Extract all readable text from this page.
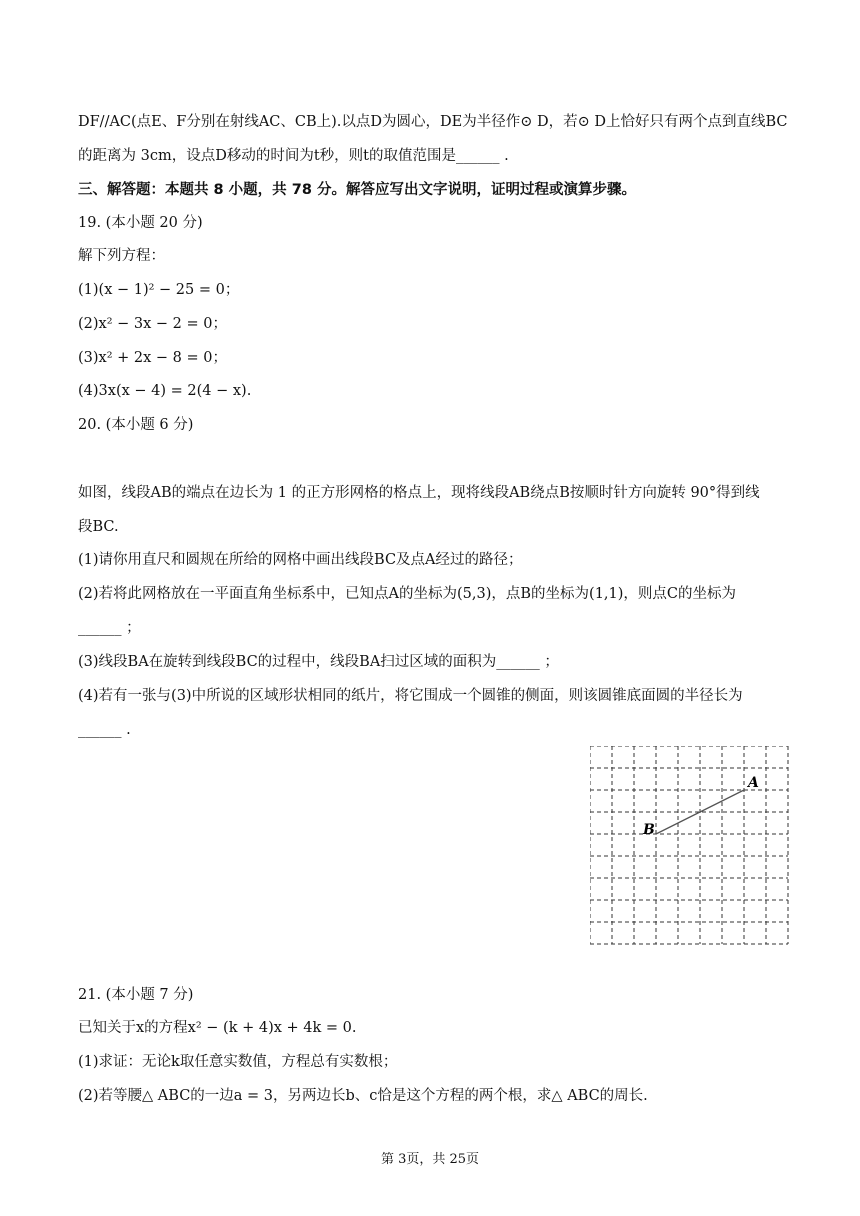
DF//AC(点E、F分别在射线AC、CB上).以点D为圆心，DE为半径作⊙ D，若⊙ D上恰好只有两个点到直线BC
的距离为 3cm，设点D移动的时间为t秒，则t的取值范围是______ .
三、解答题：本题共 8 小题，共 78 分。解答应写出文字说明，证明过程或演算步骤。
19. (本小题 20 分)
解下列方程：
(1)(x − 1)² − 25 = 0；
(2)x² − 3x − 2 = 0；
(3)x² + 2x − 8 = 0；
(4)3x(x − 4) = 2(4 − x).
20. (本小题 6 分)
如图，线段AB的端点在边长为 1 的正方形网格的格点上，现将线段AB绕点B按顺时针方向旋转 90°得到线
段BC.
(1)请你用直尺和圆规在所给的网格中画出线段BC及点A经过的路径；
(2)若将此网格放在一平面直角坐标系中，已知点A的坐标为(5,3)，点B的坐标为(1,1)，则点C的坐标为
______ ；
(3)线段BA在旋转到线段BC的过程中，线段BA扫过区域的面积为______ ；
(4)若有一张与(3)中所说的区域形状相同的纸片，将它围成一个圆锥的侧面，则该圆锥底面圆的半径长为
______ .
A
B
21. (本小题 7 分)
已知关于x的方程x² − (k + 4)x + 4k = 0.
(1)求证：无论k取任意实数值，方程总有实数根；
(2)若等腰△ ABC的一边a = 3，另两边长b、c恰是这个方程的两个根，求△ ABC的周长.
第 3页，共 25页
